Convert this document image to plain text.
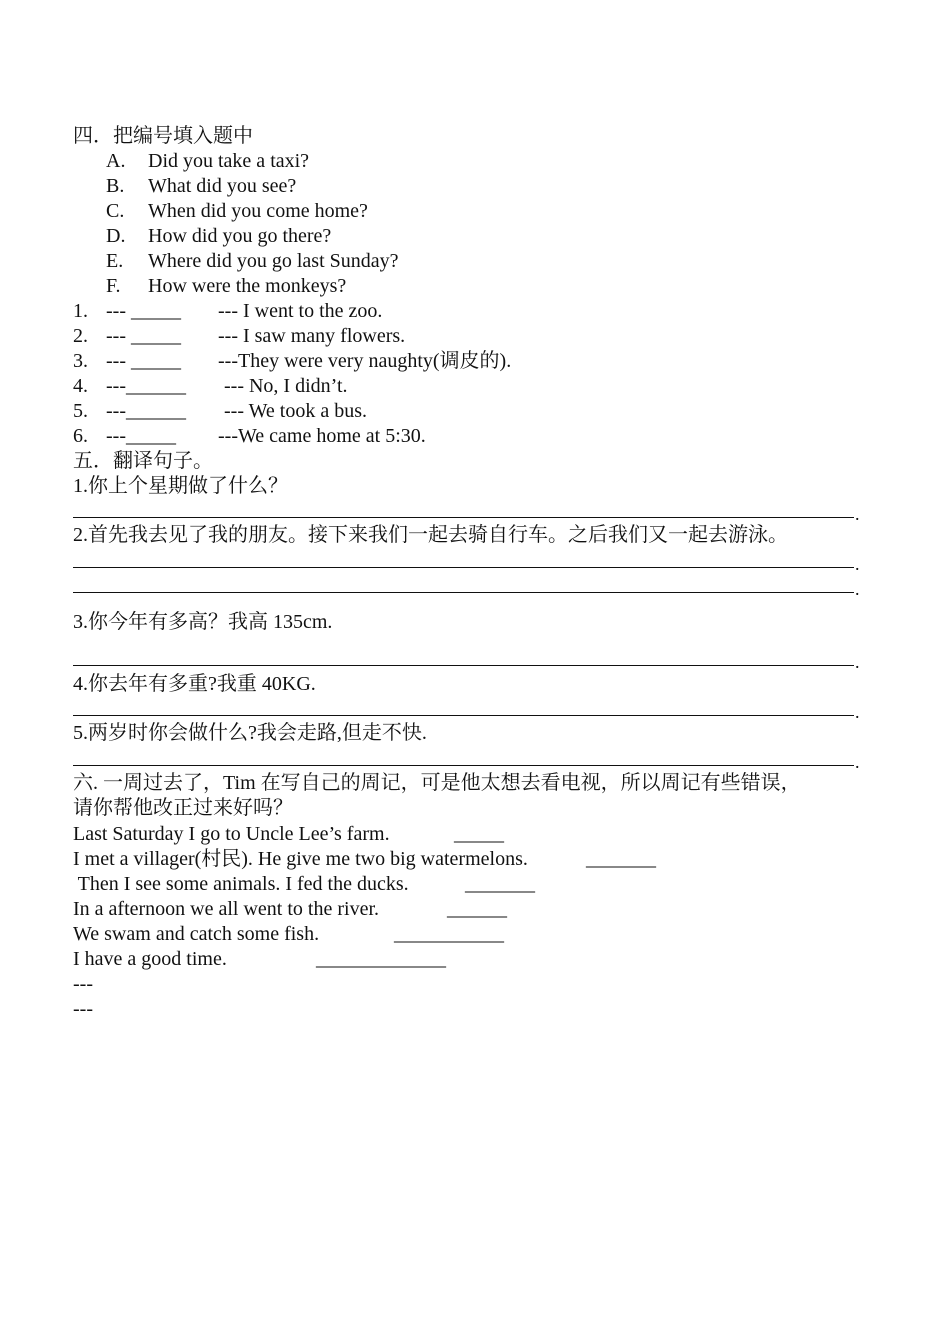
四．把编号填入题中
A. Did you take a taxi?
B. What did you see?
C. When did you come home?
D. How did you go there?
E. Where did you go last Sunday?
F. How were the monkeys?
1. --- _____ --- I went to the zoo.
2. --- _____ --- I saw many flowers.
3. --- _____ ---They were very naughty(调皮的).
4. ---______ --- No, I didn’t.
5. ---______ --- We took a bus.
6. ---_____ ---We came home at 5:30.
五．翻译句子。
1.你上个星期做了什么？
.
2.首先我去见了我的朋友。接下来我们一起去骑自行车。之后我们又一起去游泳。
.
.
3.你今年有多高？我高 135cm.
.
4.你去年有多重?我重 40KG.
.
5.两岁时你会做什么?我会走路,但走不快.
.
六. 一周过去了，Tim 在写自己的周记，可是他太想去看电视，所以周记有些错误，
请你帮他改正过来好吗？
Last Saturday I go to Uncle Lee’s farm.	_____
I met a villager(村民). He give me two big watermelons.	_______
Then I see some animals. I fed the ducks.	_______
In a afternoon we all went to the river.	______
We swam and catch some fish.	___________
I have a good time.	_____________
---
---
